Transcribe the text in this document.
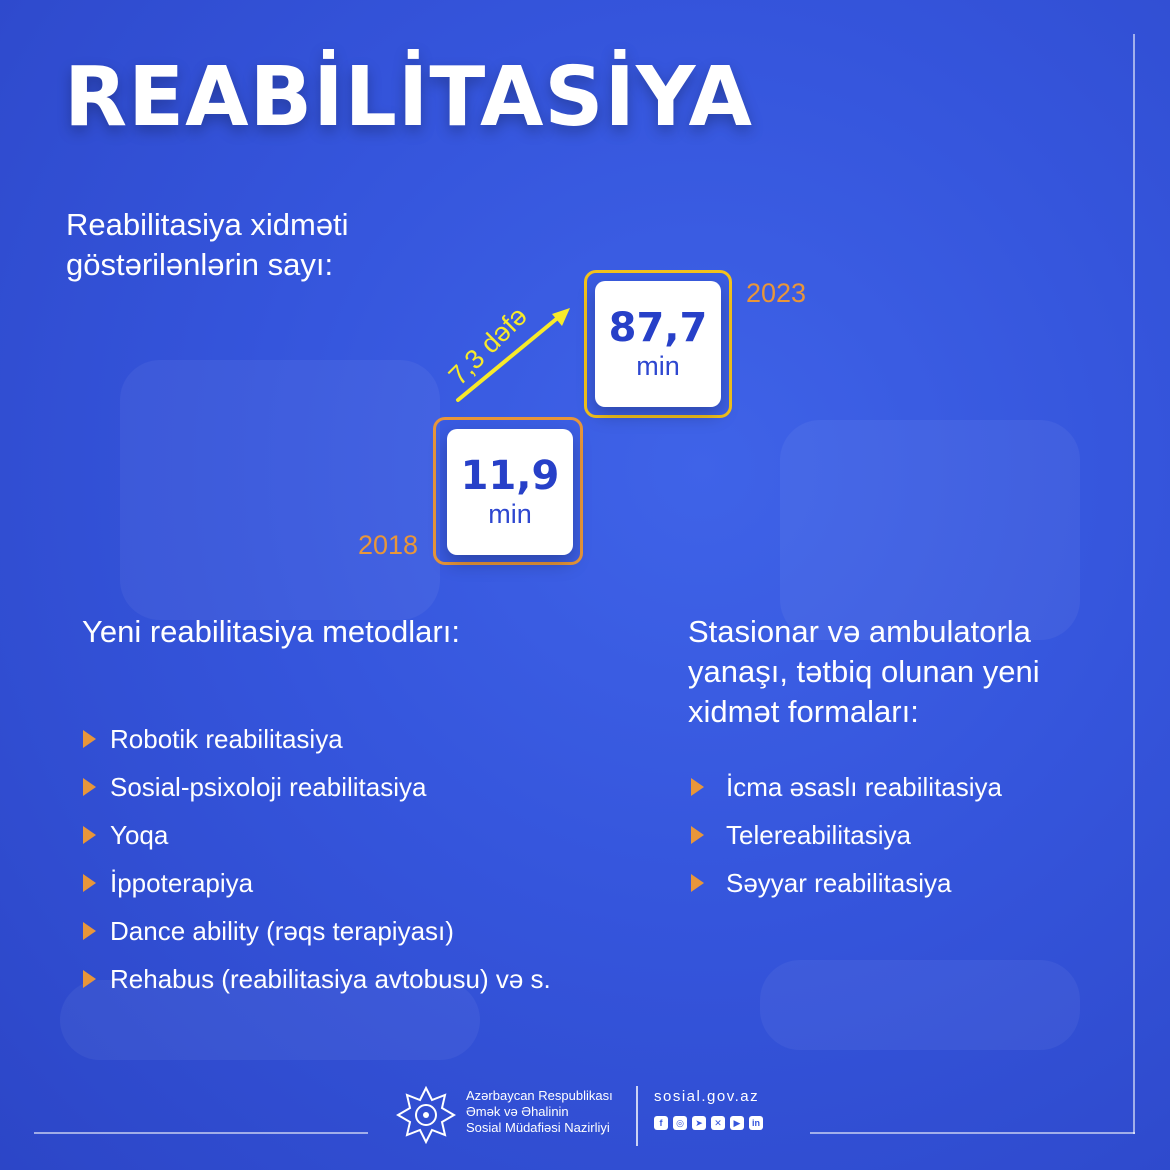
REABİLİTASİYA
Reabilitasiya xidməti göstərilənlərin sayı:
2023
2018
87,7
min
11,9
min
7,3 dəfə
Yeni reabilitasiya metodları:
Robotik reabilitasiya
Sosial-psixoloji reabilitasiya
Yoqa
İppoterapiya
Dance ability (rəqs terapiyası)
Rehabus (reabilitasiya avtobusu) və s.
Stasionar və ambulatorla yanaşı, tətbiq olunan yeni xidmət formaları:
İcma əsaslı reabilitasiya
Telereabilitasiya
Səyyar reabilitasiya
Azərbaycan Respublikası
Əmək və Əhalinin
Sosial Müdafiəsi Nazirliyi
sosial.gov.az
f	◎	➤	✕	▶	in
